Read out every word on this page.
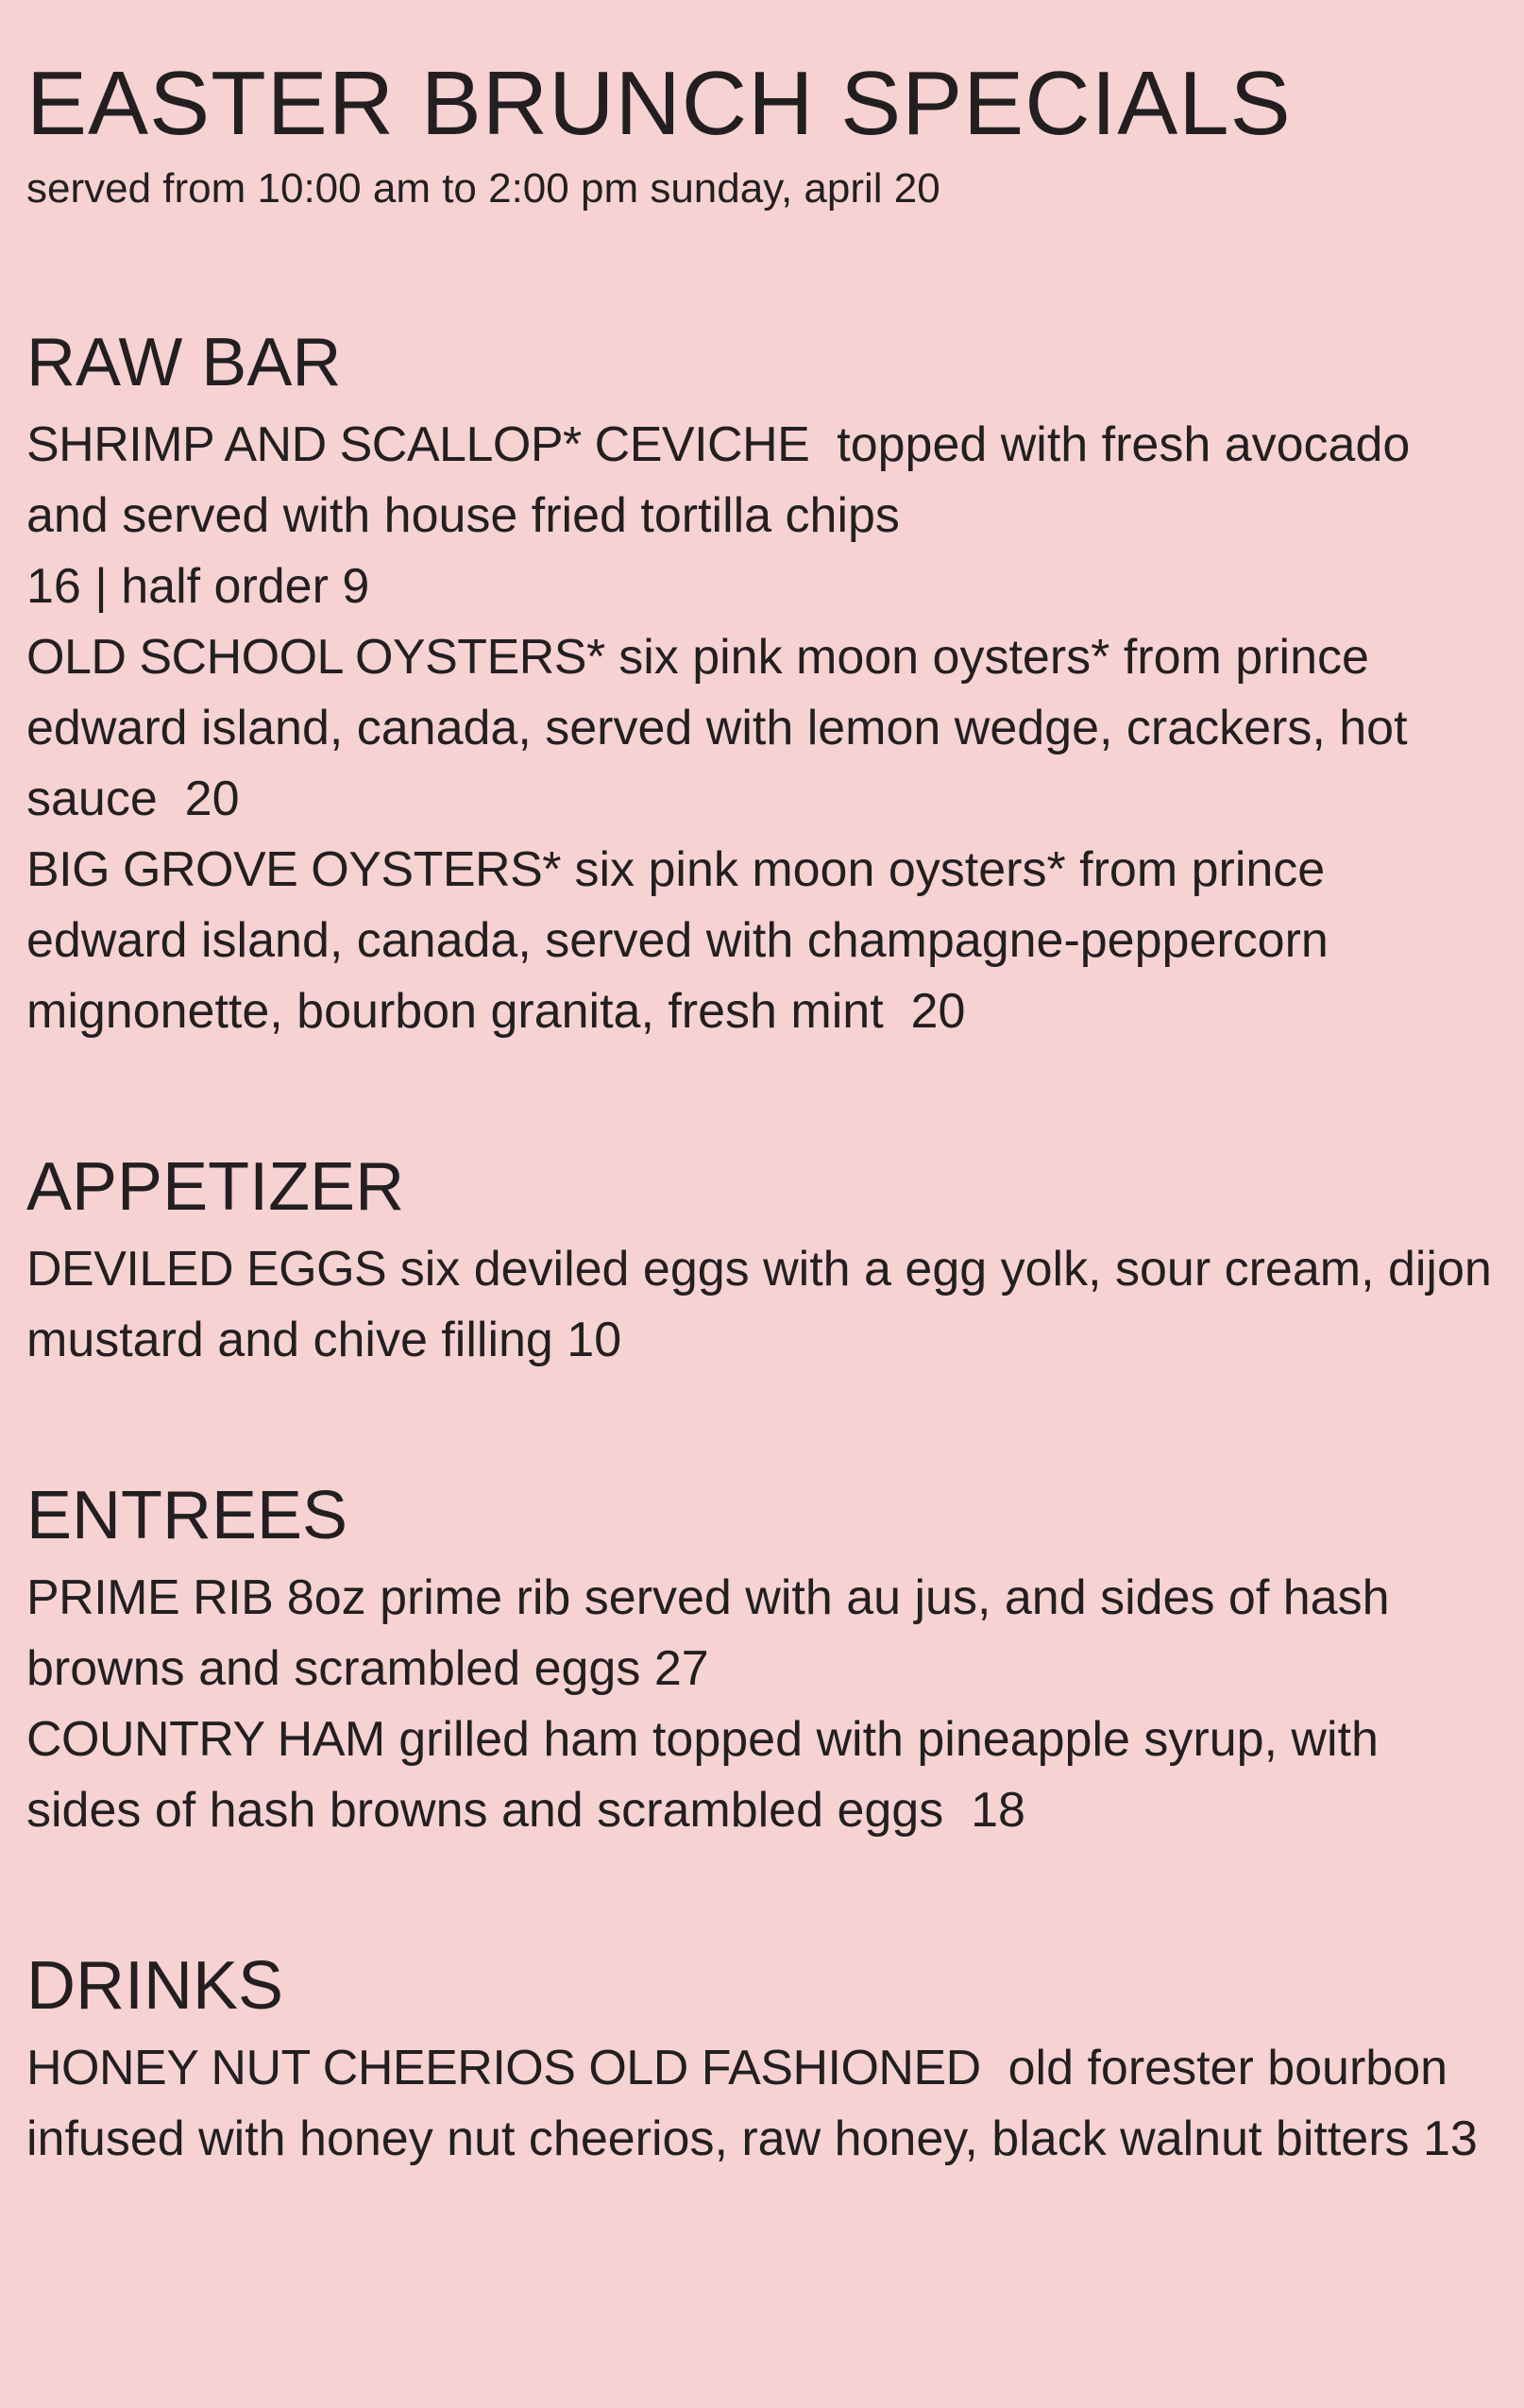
EASTER BRUNCH SPECIALS

served from 10:00 am to 2:00 pm sunday, april 20

RAW BAR

SHRIMP AND SCALLOP* CEVICHE topped with fresh avocado and served with house fried tortilla chips
16 | half order 9

OLD SCHOOL OYSTERS* six pink moon oysters* from prince edward island, canada, served with lemon wedge, crackers, hot sauce 20

BIG GROVE OYSTERS* six pink moon oysters* from prince edward island, canada, served with champagne-peppercorn mignonette, bourbon granita, fresh mint 20

APPETIZER

DEVILED EGGS six deviled eggs with a egg yolk, sour cream, dijon mustard and chive filling 10

ENTREES

PRIME RIB 8oz prime rib served with au jus, and sides of hash browns and scrambled eggs 27

COUNTRY HAM grilled ham topped with pineapple syrup, with sides of hash browns and scrambled eggs 18

DRINKS

HONEY NUT CHEERIOS OLD FASHIONED old forester bourbon infused with honey nut cheerios, raw honey, black walnut bitters 13
